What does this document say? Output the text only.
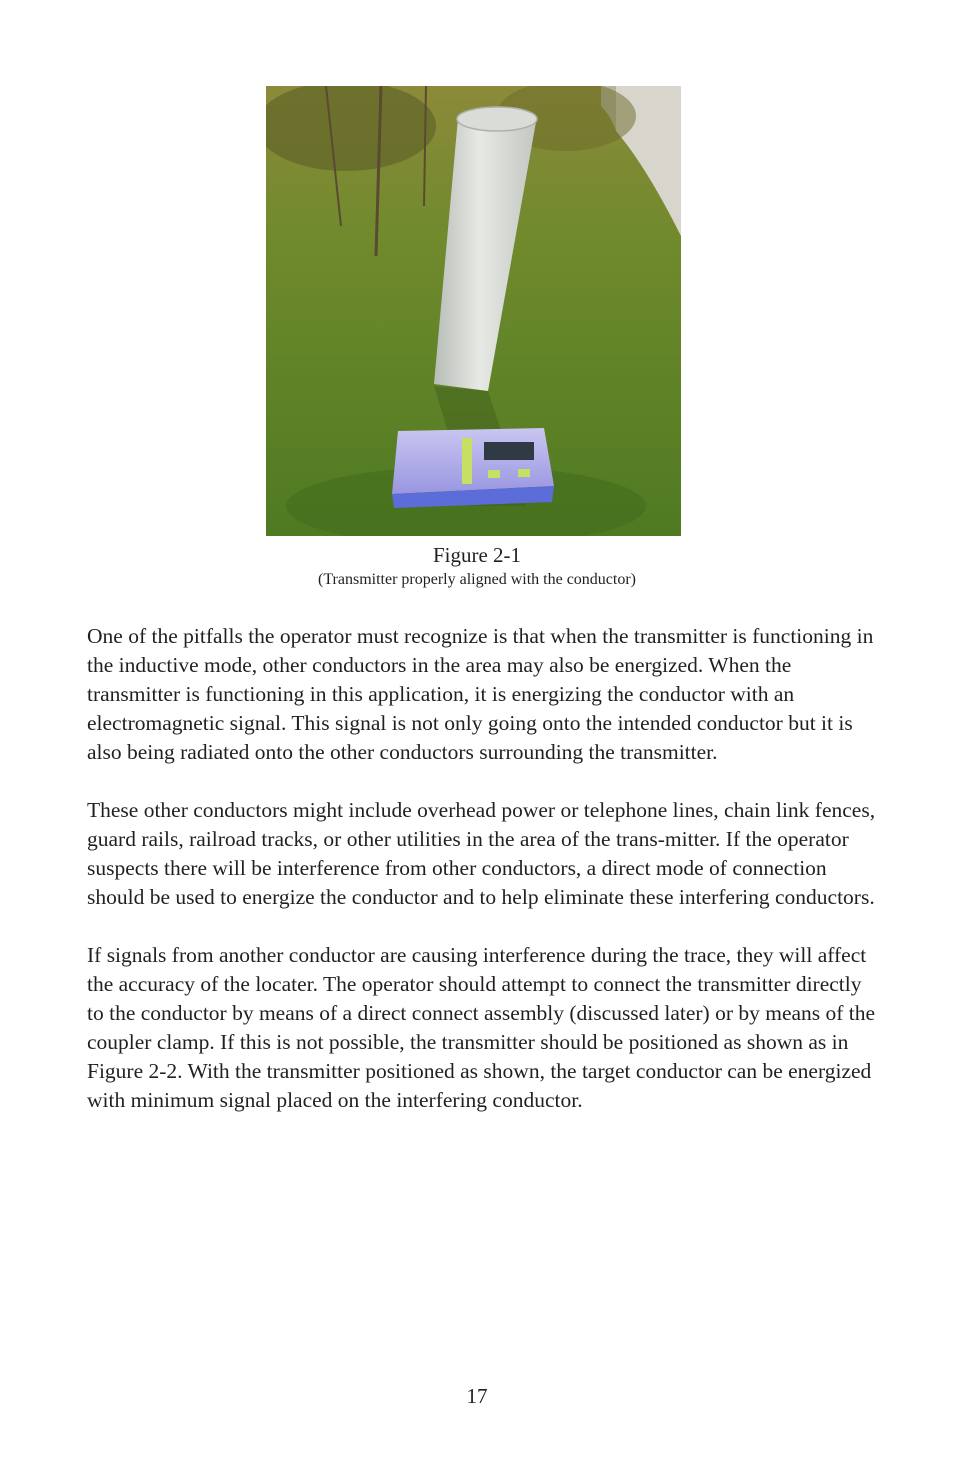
Figure 2-1
(Transmitter properly aligned with the conductor)

One of the pitfalls the operator must recognize is that when the transmitter is functioning in the inductive mode, other conductors in the area may also be energized. When the transmitter is functioning in this application, it is energizing the conductor with an electromagnetic signal. This signal is not only going onto the intended conductor but it is also being radiated onto the other conductors surrounding the transmitter.

These other conductors might include overhead power or telephone lines, chain link fences, guard rails, railroad tracks, or other utilities in the area of the trans-mitter. If the operator suspects there will be interference from other conductors, a direct mode of connection should be used to energize the conductor and to help eliminate these interfering conductors.

If signals from another conductor are causing interference during the trace, they will affect the accuracy of the locater. The operator should attempt to connect the transmitter directly to the conductor by means of a direct connect assembly (discussed later) or by means of the coupler clamp. If this is not possible, the transmitter should be positioned as shown as in Figure 2-2. With the transmitter positioned as shown, the target conductor can be energized with minimum signal placed on the interfering conductor.

17
